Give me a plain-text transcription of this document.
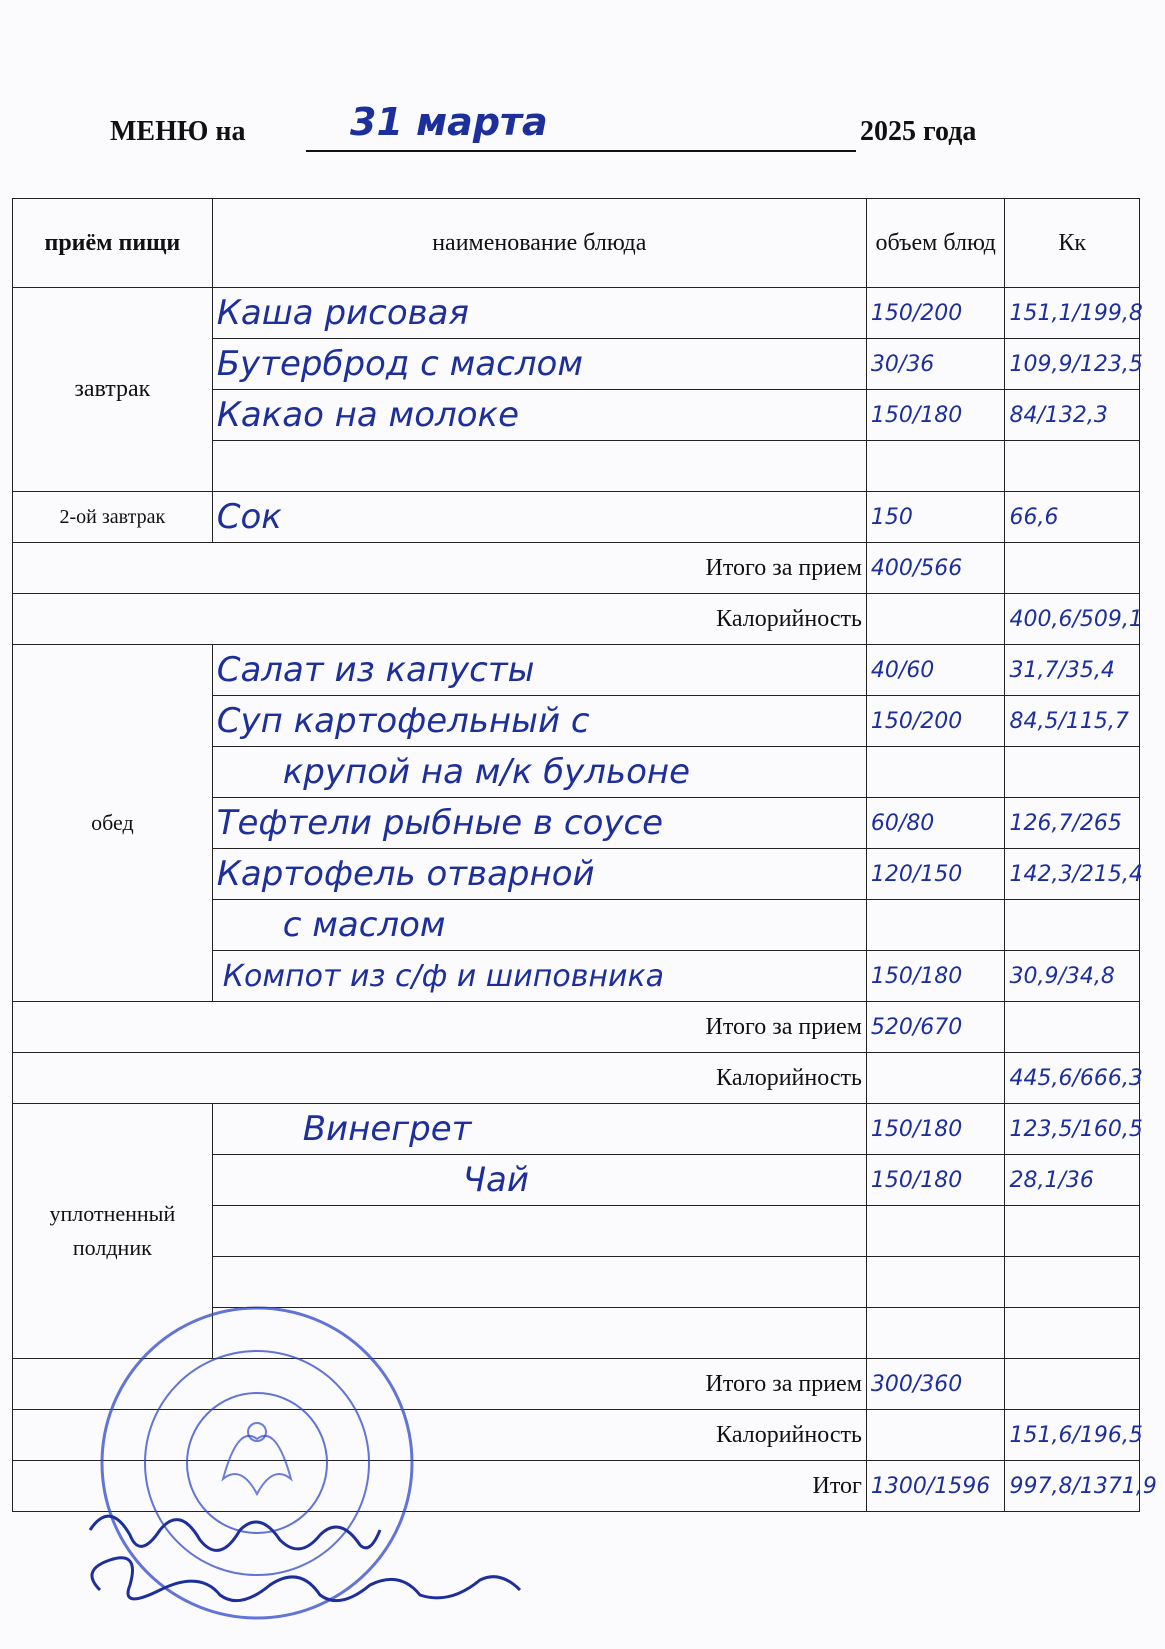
МЕНЮ на	31 марта	2025 года
приём пищи	наименование блюда	объем блюд	Кк
завтрак	Каша рисовая	150/200	151,1/199,8
	Бутерброд с маслом	30/36	109,9/123,5
	Какао на молоке	150/180	84/132,3

2-ой завтрак	Сок	150	66,6
Итого за прием		400/566	
Калорийность			400,6/509,1
обед	Салат из капусты	40/60	31,7/35,4
	Суп картофельный с	150/200	84,5/115,7
	крупой на м/к бульоне		
	Тефтели рыбные в соусе	60/80	126,7/265
	Картофель отварной	120/150	142,3/215,4
	с маслом		
	Компот из с/ф и шиповника	150/180	30,9/34,8
Итого за прием		520/670	
Калорийность			445,6/666,3
уплотненный полдник	Винегрет	150/180	123,5/160,5
	Чай	150/180	28,1/36

Итого за прием		300/360	
Калорийность			151,6/196,5
Итог		1300/1596	997,8/1371,9
